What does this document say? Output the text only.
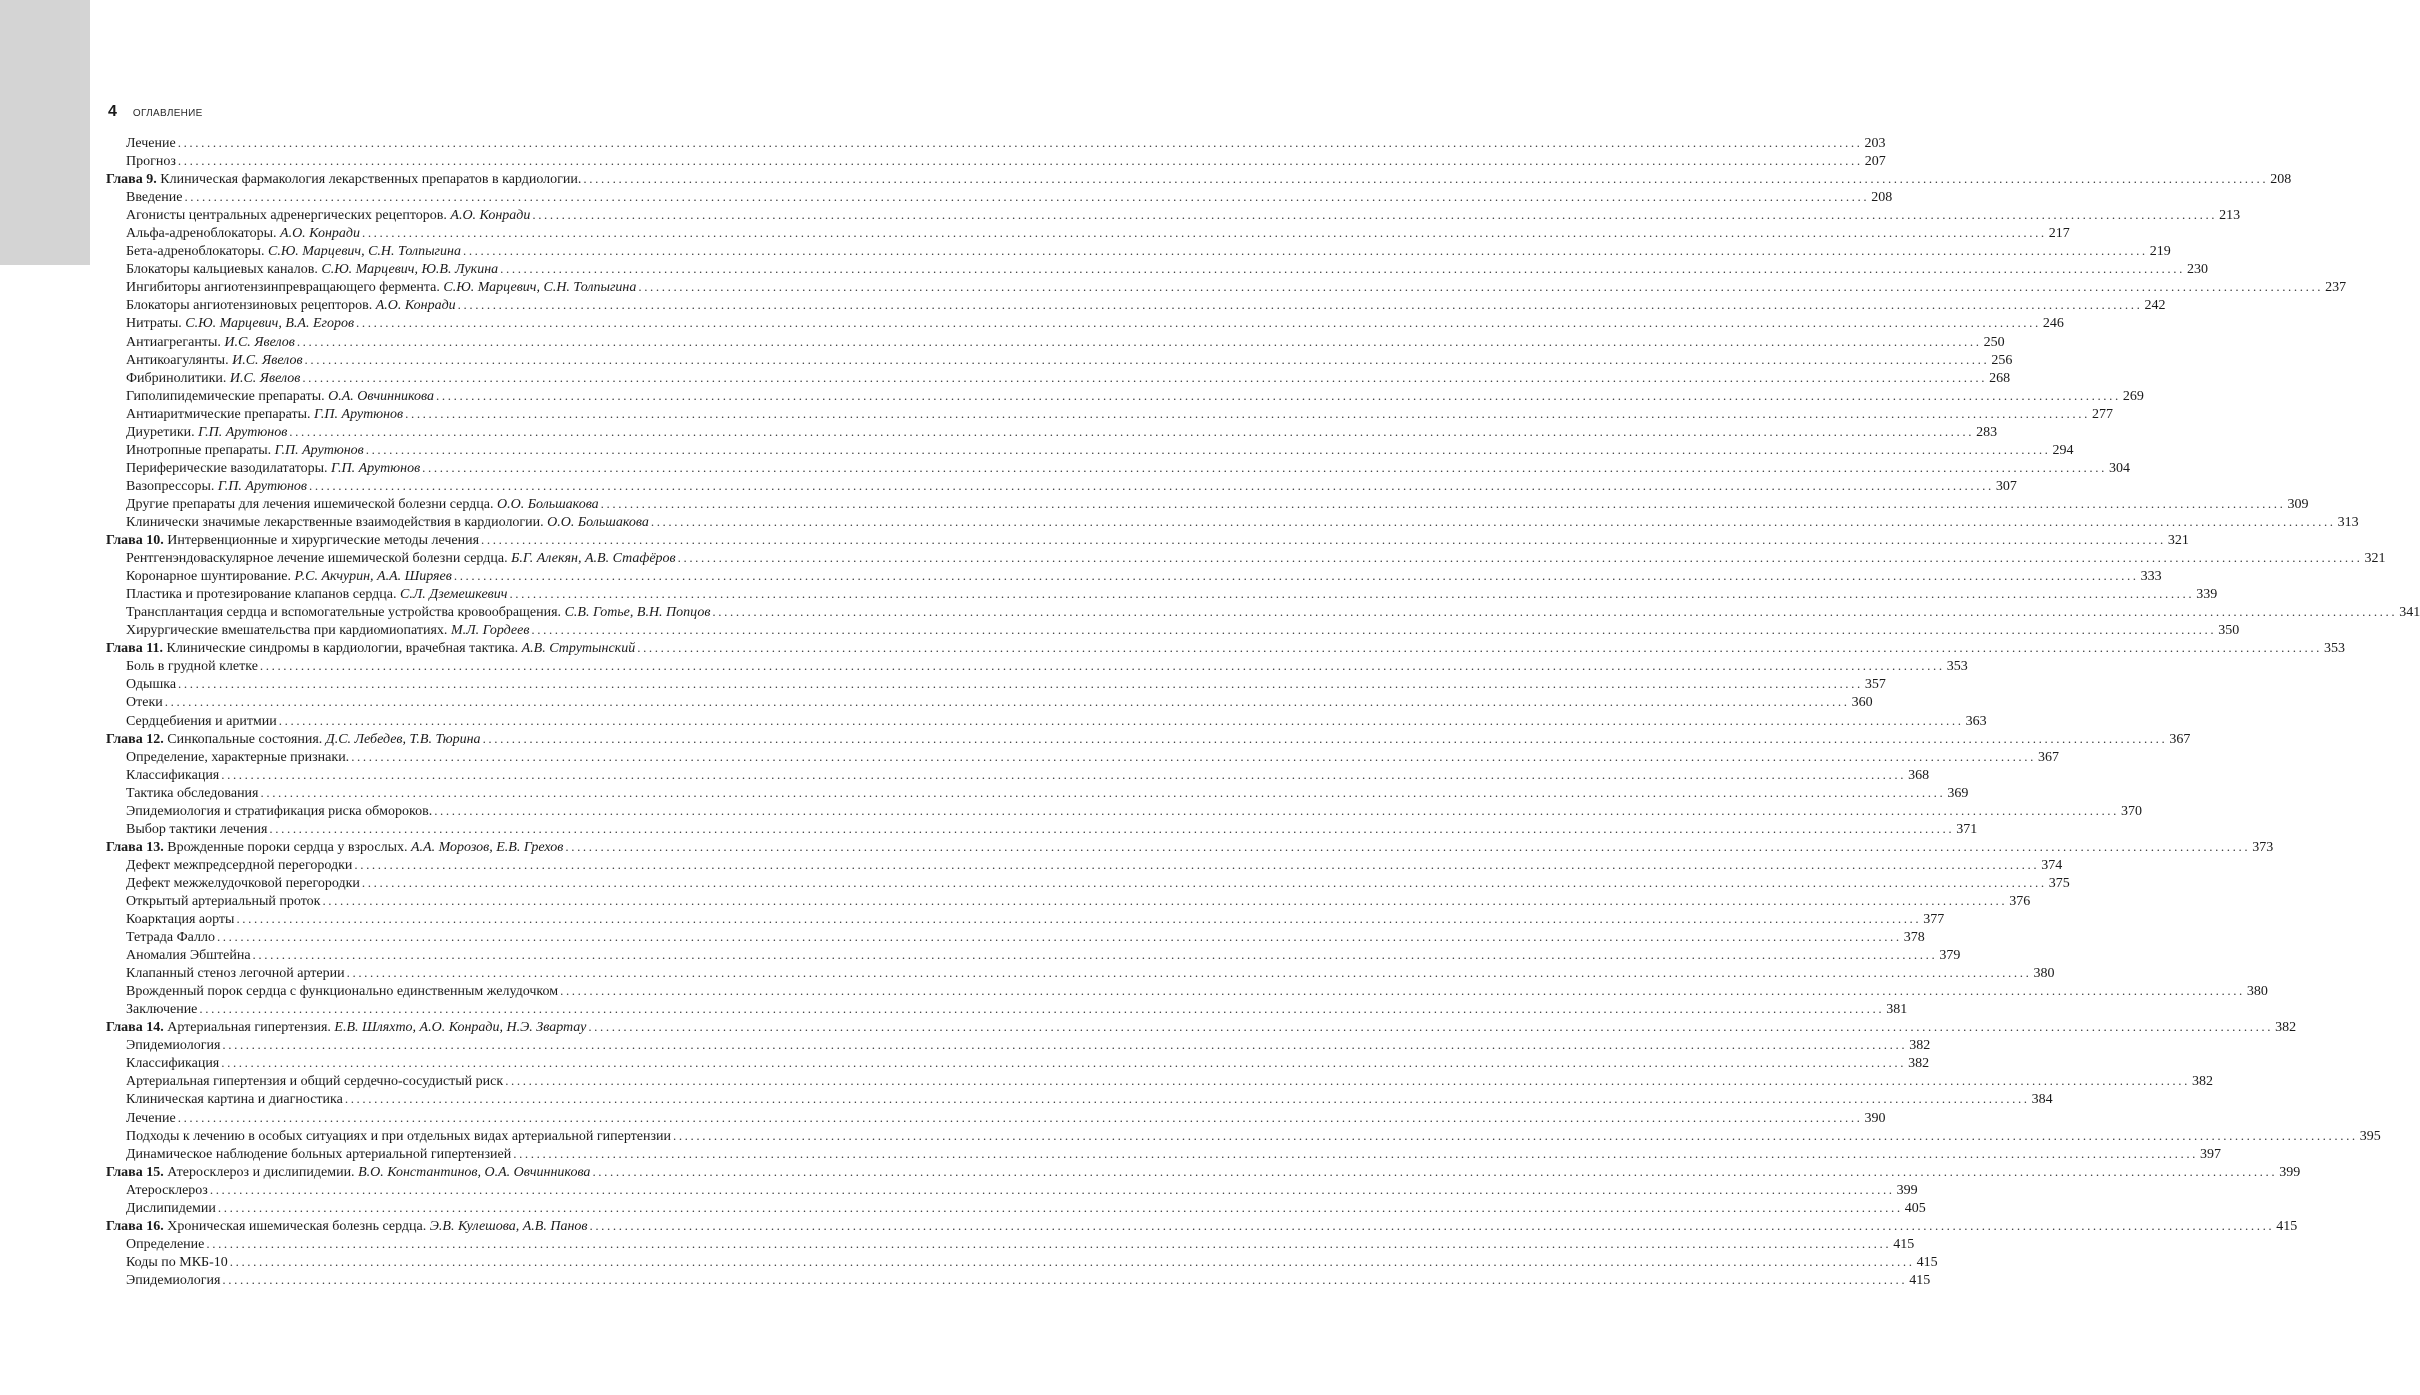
4 ОГЛАВЛЕНИЕ
Лечение .....	203
Прогноз .....	207
Глава 9. Клиническая фармакология лекарственных препаратов в кардиологии. .....	208
Введение .....	208
Агонисты центральных адренергических рецепторов. А.О. Конради .....	213
Альфа-адреноблокаторы. А.О. Конради .....	217
Бета-адреноблокаторы. С.Ю. Марцевич, С.Н. Толпыгина .....	219
Блокаторы кальциевых каналов. С.Ю. Марцевич, Ю.В. Лукина .....	230
Ингибиторы ангиотензинпревращающего фермента. С.Ю. Марцевич, С.Н. Толпыгина .....	237
Блокаторы ангиотензиновых рецепторов. А.О. Конради .....	242
Нитраты. С.Ю. Марцевич, В.А. Егоров .....	246
Антиагреганты. И.С. Явелов .....	250
Антикоагулянты. И.С. Явелов .....	256
Фибринолитики. И.С. Явелов .....	268
Гиполипидемические препараты. О.А. Овчинникова .....	269
Антиаритмические препараты. Г.П. Арутюнов .....	277
Диуретики. Г.П. Арутюнов .....	283
Инотропные препараты. Г.П. Арутюнов .....	294
Периферические вазодилататоры. Г.П. Арутюнов .....	304
Вазопрессоры. Г.П. Арутюнов .....	307
Другие препараты для лечения ишемической болезни сердца. О.О. Большакова .....	309
Клинически значимые лекарственные взаимодействия в кардиологии. О.О. Большакова .....	313
Глава 10. Интервенционные и хирургические методы лечения .....	321
Рентгенэндоваскулярное лечение ишемической болезни сердца. Б.Г. Алекян, А.В. Стафёров .....	321
Коронарное шунтирование. Р.С. Акчурин, А.А. Ширяев .....	333
Пластика и протезирование клапанов сердца. С.Л. Дземешкевич .....	339
Трансплантация сердца и вспомогательные устройства кровообращения. С.В. Готье, В.Н. Попцов .....	341
Хирургические вмешательства при кардиомиопатиях. М.Л. Гордеев .....	350
Глава 11. Клинические синдромы в кардиологии, врачебная тактика. А.В. Струтынский .....	353
Боль в грудной клетке .....	353
Одышка .....	357
Отеки .....	360
Сердцебиения и аритмии .....	363
Глава 12. Синкопальные состояния. Д.С. Лебедев, Т.В. Тюрина .....	367
Определение, характерные признаки. .....	367
Классификация .....	368
Тактика обследования .....	369
Эпидемиология и стратификация риска обмороков. .....	370
Выбор тактики лечения .....	371
Глава 13. Врожденные пороки сердца у взрослых. А.А. Морозов, Е.В. Грехов .....	373
Дефект межпредсердной перегородки .....	374
Дефект межжелудочковой перегородки .....	375
Открытый артериальный проток .....	376
Коарктация аорты .....	377
Тетрада Фалло .....	378
Аномалия Эбштейна .....	379
Клапанный стеноз легочной артерии .....	380
Врожденный порок сердца с функционально единственным желудочком .....	380
Заключение .....	381
Глава 14. Артериальная гипертензия. Е.В. Шляхто, А.О. Конради, Н.Э. Звартау .....	382
Эпидемиология .....	382
Классификация .....	382
Артериальная гипертензия и общий сердечно-сосудистый риск .....	382
Клиническая картина и диагностика .....	384
Лечение .....	390
Подходы к лечению в особых ситуациях и при отдельных видах артериальной гипертензии .....	395
Динамическое наблюдение больных артериальной гипертензией .....	397
Глава 15. Атеросклероз и дислипидемии. В.О. Константинов, О.А. Овчинникова .....	399
Атеросклероз .....	399
Дислипидемии .....	405
Глава 16. Хроническая ишемическая болезнь сердца. Э.В. Кулешова, А.В. Панов .....	415
Определение .....	415
Коды по МКБ-10 .....	415
Эпидемиология .....	415
